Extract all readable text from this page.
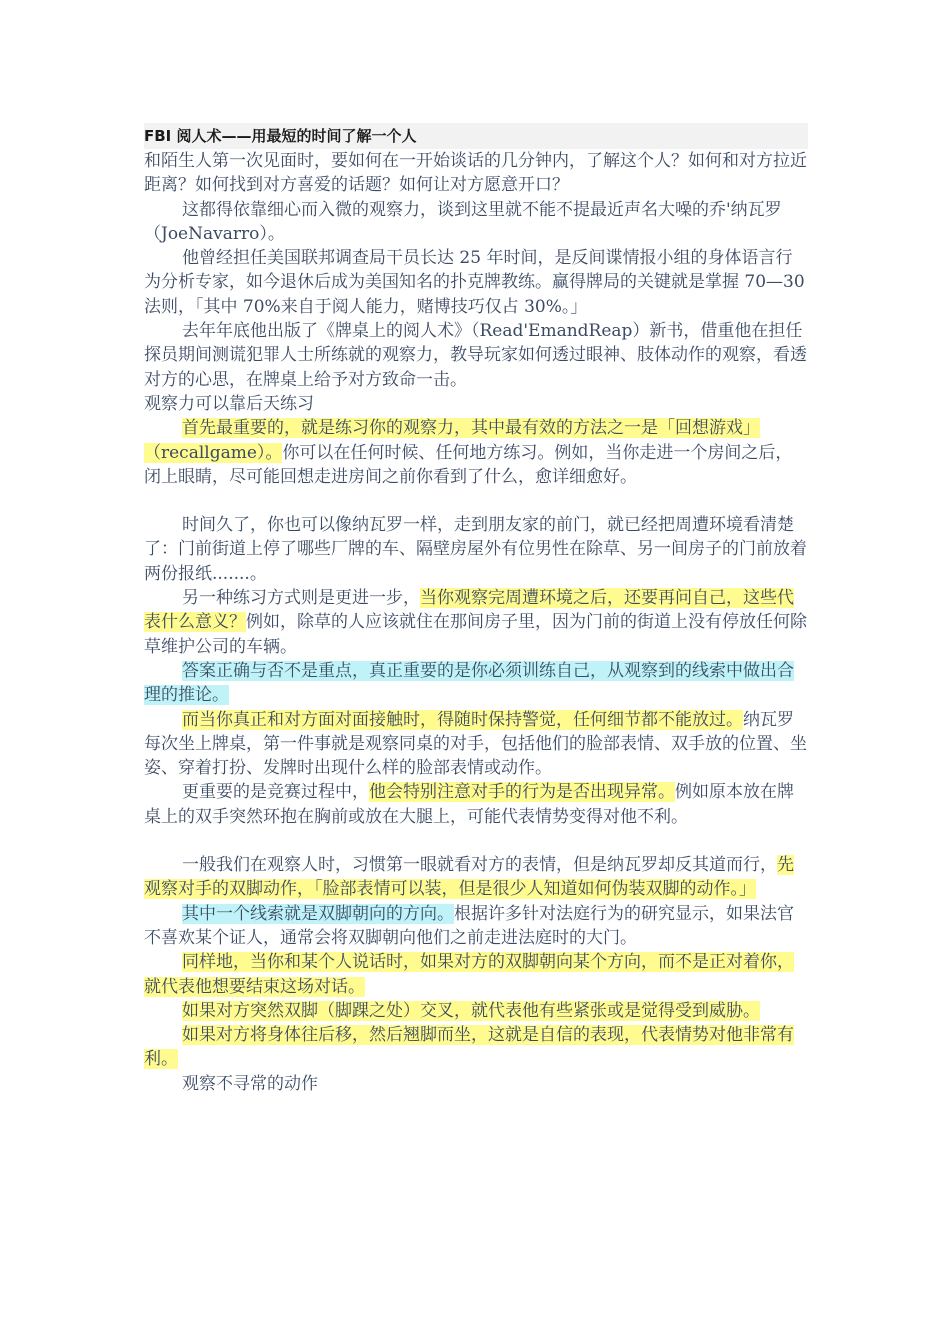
FBI 阅人术——用最短的时间了解一个人

和陌生人第一次见面时，要如何在一开始谈话的几分钟内，了解这个人？如何和对方拉近距离？如何找到对方喜爱的话题？如何让对方愿意开口？

这都得依靠细心而入微的观察力，谈到这里就不能不提最近声名大噪的乔'纳瓦罗（JoeNavarro）。

他曾经担任美国联邦调查局干员长达 25 年时间，是反间谍情报小组的身体语言行为分析专家，如今退休后成为美国知名的扑克牌教练。赢得牌局的关键就是掌握 70—30 法则，「其中 70%来自于阅人能力，赌博技巧仅占 30%。」

去年年底他出版了《牌桌上的阅人术》（Read'EmandReap）新书，借重他在担任探员期间测谎犯罪人士所练就的观察力，教导玩家如何透过眼神、肢体动作的观察，看透对方的心思，在牌桌上给予对方致命一击。

观察力可以靠后天练习

首先最重要的，就是练习你的观察力，其中最有效的方法之一是「回想游戏」（recallgame）。你可以在任何时候、任何地方练习。例如，当你走进一个房间之后，闭上眼睛，尽可能回想走进房间之前你看到了什么，愈详细愈好。

时间久了，你也可以像纳瓦罗一样，走到朋友家的前门，就已经把周遭环境看清楚了：门前街道上停了哪些厂牌的车、隔壁房屋外有位男性在除草、另一间房子的门前放着两份报纸.......。

另一种练习方式则是更进一步，当你观察完周遭环境之后，还要再问自己，这些代表什么意义？例如，除草的人应该就住在那间房子里，因为门前的街道上没有停放任何除草维护公司的车辆。

答案正确与否不是重点，真正重要的是你必须训练自己，从观察到的线索中做出合理的推论。

而当你真正和对方面对面接触时，得随时保持警觉，任何细节都不能放过。纳瓦罗每次坐上牌桌，第一件事就是观察同桌的对手，包括他们的脸部表情、双手放的位置、坐姿、穿着打扮、发牌时出现什么样的脸部表情或动作。

更重要的是竞赛过程中，他会特别注意对手的行为是否出现异常。例如原本放在牌桌上的双手突然环抱在胸前或放在大腿上，可能代表情势变得对他不利。

一般我们在观察人时，习惯第一眼就看对方的表情，但是纳瓦罗却反其道而行，先观察对手的双脚动作，「脸部表情可以装，但是很少人知道如何伪装双脚的动作。」

其中一个线索就是双脚朝向的方向。根据许多针对法庭行为的研究显示，如果法官不喜欢某个证人，通常会将双脚朝向他们之前走进法庭时的大门。

同样地，当你和某个人说话时，如果对方的双脚朝向某个方向，而不是正对着你，就代表他想要结束这场对话。

如果对方突然双脚（脚踝之处）交叉，就代表他有些紧张或是觉得受到威胁。

如果对方将身体往后移，然后翘脚而坐，这就是自信的表现，代表情势对他非常有利。

观察不寻常的动作
